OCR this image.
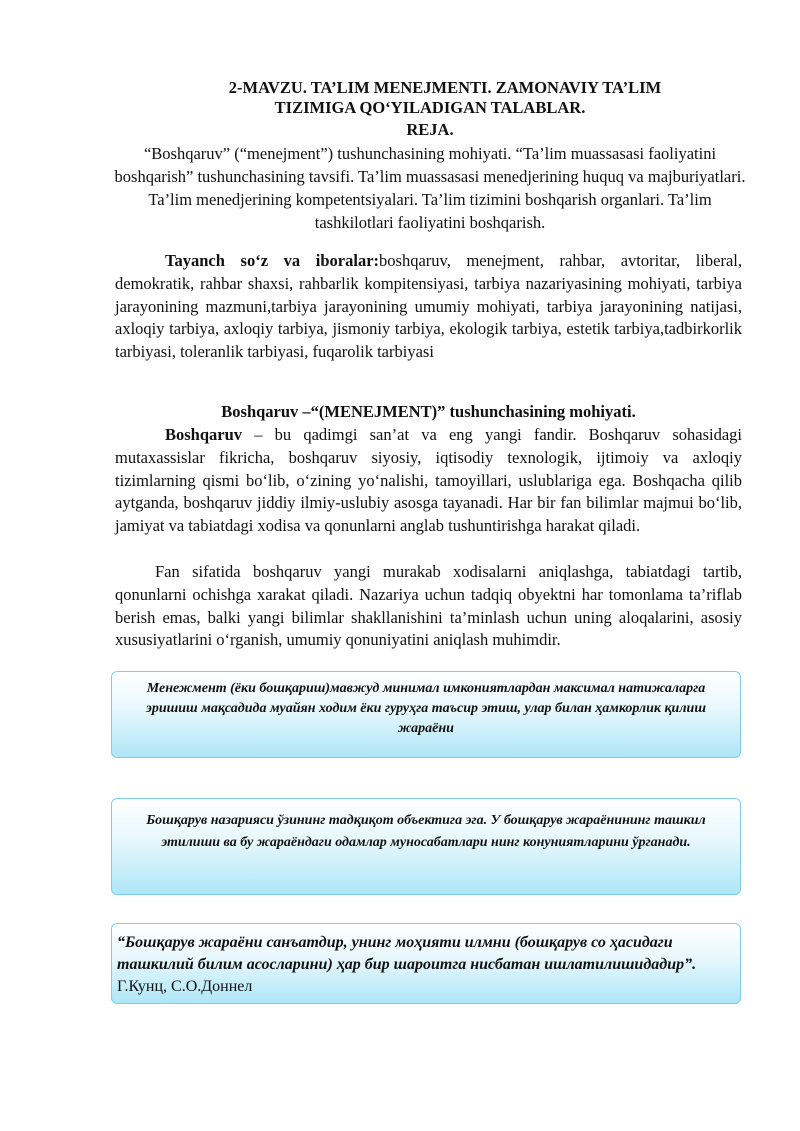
2-MAVZU. TA’LIM MENEJMENTI. ZAMONAVIY TA’LIM
TIZIMIGA QO‘YILADIGAN TALABLAR.
REJA.
“Boshqaruv” (“menejment”) tushunchasining mohiyati. “Ta’lim muassasasi faoliyatini boshqarish” tushunchasining tavsifi. Ta’lim muassasasi menedjerining huquq va majburiyatlari. Ta’lim menedjerining kompetentsiyalari. Ta’lim tizimini boshqarish organlari. Ta’lim tashkilotlari faoliyatini boshqarish.
Tayanch so‘z va iboralar:boshqaruv, menejment, rahbar, avtoritar, liberal, demokratik, rahbar shaxsi, rahbarlik kompitensiyasi, tarbiya nazariyasining mohiyati, tarbiya jarayonining mazmuni,tarbiya jarayonining umumiy mohiyati, tarbiya jarayonining natijasi, axloqiy tarbiya, axloqiy tarbiya, jismoniy tarbiya, ekologik tarbiya, estetik tarbiya,tadbirkorlik tarbiyasi, toleranlik tarbiyasi, fuqarolik tarbiyasi
Boshqaruv –“(MENEJMENT)” tushunchasining mohiyati.
Boshqaruv – bu qadimgi san’at va eng yangi fandir. Boshqaruv sohasidagi mutaxassislar fikricha, boshqaruv siyosiy, iqtisodiy texnologik, ijtimoiy va axloqiy tizimlarning qismi bo‘lib, o‘zining yo‘nalishi, tamoyillari, uslublariga ega. Boshqacha qilib aytganda, boshqaruv jiddiy ilmiy-uslubiy asosga tayanadi. Har bir fan bilimlar majmui bo‘lib, jamiyat va tabiatdagi xodisa va qonunlarni anglab tushuntirishga harakat qiladi.
Fan sifatida boshqaruv yangi murakab xodisalarni aniqlashga, tabiatdagi tartib, qonunlarni ochishga xarakat qiladi. Nazariya uchun tadqiq obyektni har tomonlama ta’riflab berish emas, balki yangi bilimlar shakllanishini ta’minlash uchun uning aloqalarini, asosiy xususiyatlarini o‘rganish, umumiy qonuniyatini aniqlash muhimdir.
Менежмент (ёки бошқариш)мавжуд минимал имкониятлардан максимал натижаларга эришиш мақсадида муайян ходим ёки гуруҳга таъсир этиш, улар билан ҳамкорлик қилиш жараёни
Бошқарув назарияси ўзининг тадқиқот объектига эга. У бошқарув жараёнининг ташкил этилиши ва бу жараёндаги одамлар муносабатлари нинг конуниятларини ўрганади.
“Бошқарув жараёни санъатдир, унинг моҳияти илмни (бошқарув со ҳасидаги ташкилий билим асосларини) ҳар бир шароитга нисбатан ишлатилишидадир”. Г.Кунц, С.О.Доннел
